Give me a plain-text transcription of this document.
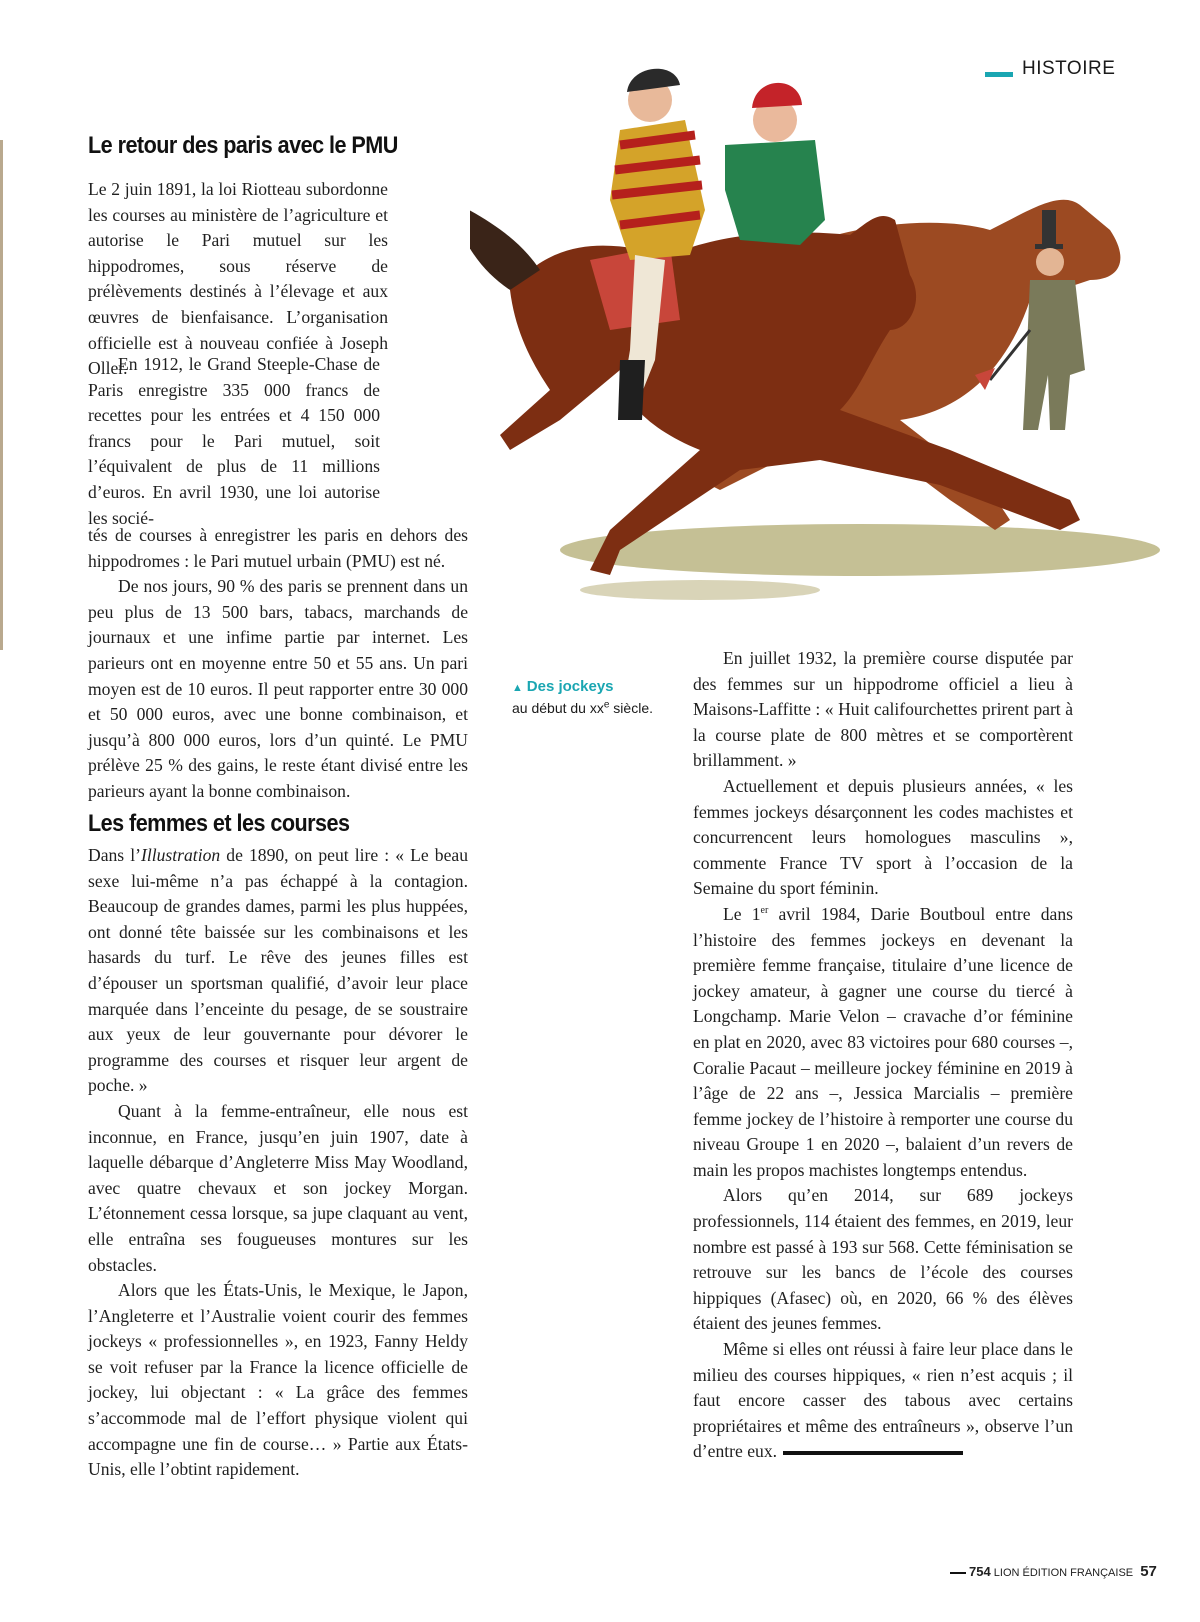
HISTOIRE
Le retour des paris avec le PMU

Le 2 juin 1891, la loi Riotteau subordonne les courses au ministère de l’agriculture et autorise le Pari mutuel sur les hippodromes, sous réserve de prélèvements destinés à l’élevage et aux œuvres de bienfaisance. L’organisation officielle est à nouveau confiée à Joseph Oller.

En 1912, le Grand Steeple-Chase de Paris enregistre 335 000 francs de recettes pour les entrées et 4 150 000 francs pour le Pari mutuel, soit l’équivalent de plus de 11 millions d’euros. En avril 1930, une loi autorise les socié-

tés de courses à enregistrer les paris en dehors des hippodromes : le Pari mutuel urbain (PMU) est né.

De nos jours, 90 % des paris se prennent dans un peu plus de 13 500 bars, tabacs, marchands de journaux et une infime partie par internet. Les parieurs ont en moyenne entre 50 et 55 ans. Un pari moyen est de 10 euros. Il peut rapporter entre 30 000 et 50 000 euros, avec une bonne combinaison, et jusqu’à 800 000 euros, lors d’un quinté. Le PMU prélève 25 % des gains, le reste étant divisé entre les parieurs ayant la bonne combinaison.

Les femmes et les courses

Dans l’Illustration de 1890, on peut lire : « Le beau sexe lui-même n’a pas échappé à la contagion. Beaucoup de grandes dames, parmi les plus huppées, ont donné tête baissée sur les combinaisons et les hasards du turf. Le rêve des jeunes filles est d’épouser un sportsman qualifié, d’avoir leur place marquée dans l’enceinte du pesage, de se soustraire aux yeux de leur gouvernante pour dévorer le programme des courses et risquer leur argent de poche. »

Quant à la femme-entraîneur, elle nous est inconnue, en France, jusqu’en juin 1907, date à laquelle débarque d’Angleterre Miss May Woodland, avec quatre chevaux et son jockey Morgan. L’étonnement cessa lorsque, sa jupe claquant au vent, elle entraîna ses fougueuses montures sur les obstacles.

Alors que les États-Unis, le Mexique, le Japon, l’Angleterre et l’Australie voient courir des femmes jockeys « professionnelles », en 1923, Fanny Heldy se voit refuser par la France la licence officielle de jockey, lui objectant : « La grâce des femmes s’accommode mal de l’effort physique violent qui accompagne une fin de course… » Partie aux États-Unis, elle l’obtint rapidement.

▲ Des jockeys
au début du $xx^e$ siècle.

En juillet 1932, la première course disputée par des femmes sur un hippodrome officiel a lieu à Maisons-Laffitte : « Huit califourchettes prirent part à la course plate de 800 mètres et se comportèrent brillamment. »

Actuellement et depuis plusieurs années, « les femmes jockeys désarçonnent les codes machistes et concurrencent leurs homologues masculins », commente France TV sport à l’occasion de la Semaine du sport féminin.

Le 1er avril 1984, Darie Boutboul entre dans l’histoire des femmes jockeys en devenant la première femme française, titulaire d’une licence de jockey amateur, à gagner une course du tiercé à Longchamp. Marie Velon – cravache d’or féminine en plat en 2020, avec 83 victoires pour 680 courses –, Coralie Pacaut – meilleure jockey féminine en 2019 à l’âge de 22 ans –, Jessica Marcialis – première femme jockey de l’histoire à remporter une course du niveau Groupe 1 en 2020 –, balaient d’un revers de main les propos machistes longtemps entendus.

Alors qu’en 2014, sur 689 jockeys professionnels, 114 étaient des femmes, en 2019, leur nombre est passé à 193 sur 568. Cette féminisation se retrouve sur les bancs de l’école des courses hippiques (Afasec) où, en 2020, 66 % des élèves étaient des jeunes femmes.

Même si elles ont réussi à faire leur place dans le milieu des courses hippiques, « rien n’est acquis ; il faut encore casser des tabous avec certains propriétaires et même des entraîneurs », observe l’un d’entre eux.

754 LION ÉDITION FRANÇAISE 57
